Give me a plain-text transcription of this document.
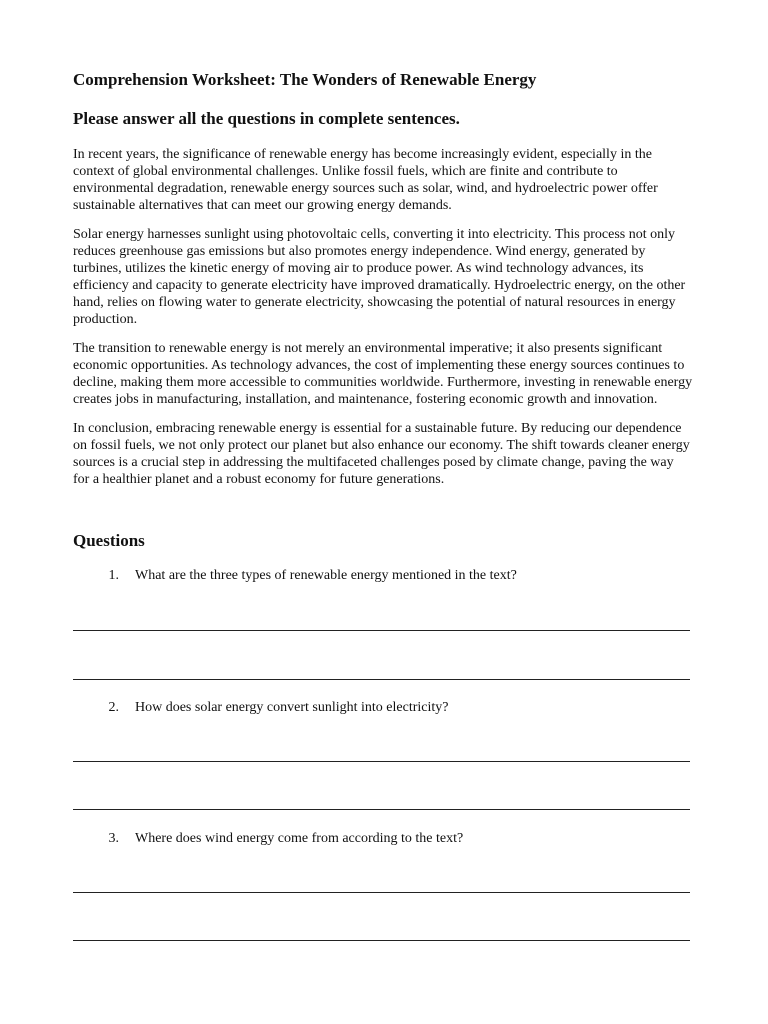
Comprehension Worksheet: The Wonders of Renewable Energy
Please answer all the questions in complete sentences.

In recent years, the significance of renewable energy has become increasingly evident, especially in the context of global environmental challenges. Unlike fossil fuels, which are finite and contribute to environmental degradation, renewable energy sources such as solar, wind, and hydroelectric power offer sustainable alternatives that can meet our growing energy demands.

Solar energy harnesses sunlight using photovoltaic cells, converting it into electricity. This process not only reduces greenhouse gas emissions but also promotes energy independence. Wind energy, generated by turbines, utilizes the kinetic energy of moving air to produce power. As wind technology advances, its efficiency and capacity to generate electricity have improved dramatically. Hydroelectric energy, on the other hand, relies on flowing water to generate electricity, showcasing the potential of natural resources in energy production.

The transition to renewable energy is not merely an environmental imperative; it also presents significant economic opportunities. As technology advances, the cost of implementing these energy sources continues to decline, making them more accessible to communities worldwide. Furthermore, investing in renewable energy creates jobs in manufacturing, installation, and maintenance, fostering economic growth and innovation.

In conclusion, embracing renewable energy is essential for a sustainable future. By reducing our dependence on fossil fuels, we not only protect our planet but also enhance our economy. The shift towards cleaner energy sources is a crucial step in addressing the multifaceted challenges posed by climate change, paving the way for a healthier planet and a robust economy for future generations.

Questions
1.	What are the three types of renewable energy mentioned in the text?
2.	How does solar energy convert sunlight into electricity?
3.	Where does wind energy come from according to the text?
